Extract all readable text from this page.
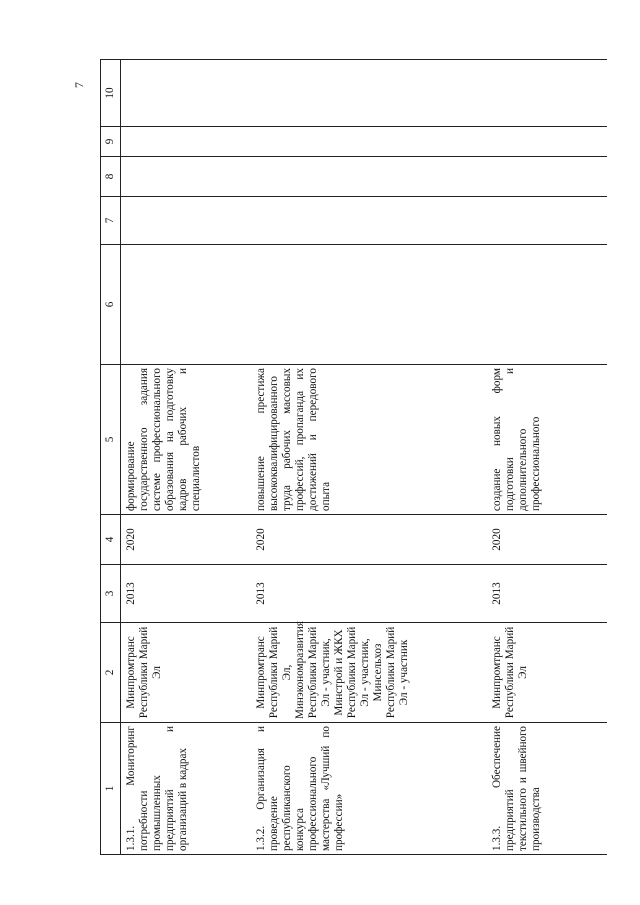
7
1	2	3	4	5	6	7	8	9	10
1.3.1. Мониторинг потребности промышленных предприятий и организаций в кадрах	Минпромтранс Республики Марий Эл	2013	2020	формирование государственного задания системе профессионального образования на подготовку кадров рабочих и специалистов					
1.3.2. Организация и проведение республиканского конкурса профессионального мастерства «Лучший по профессии»	Минпромтранс Республики Марий Эл, Минэкономразвития Республики Марий Эл - участник, Минстрой и ЖКХ Республики Марий Эл - участник, Минсельхоз Республики Марий Эл - участник	2013	2020	повышение престижа высококвалифицированного труда рабочих массовых профессий, пропаганда их достижений и передового опыта					
1.3.3. Обеспечение предприятий текстильного и швейного производства	Минпромтранс Республики Марий Эл	2013	2020	создание новых форм подготовки и дополнительного профессионального					
